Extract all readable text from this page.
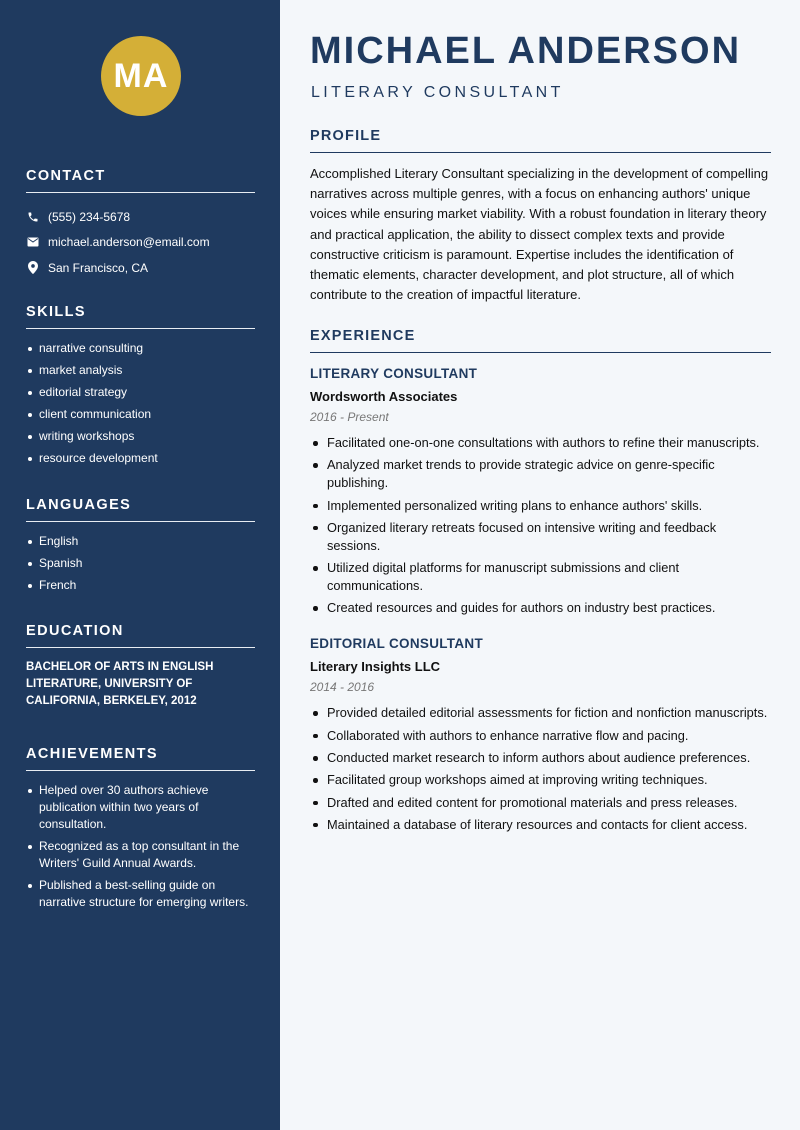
MA
CONTACT
(555) 234-5678
michael.anderson@email.com
San Francisco, CA
SKILLS
narrative consulting
market analysis
editorial strategy
client communication
writing workshops
resource development
LANGUAGES
English
Spanish
French
EDUCATION

BACHELOR OF ARTS IN ENGLISH LITERATURE, UNIVERSITY OF CALIFORNIA, BERKELEY, 2012

ACHIEVEMENTS
Helped over 30 authors achieve publication within two years of consultation.
Recognized as a top consultant in the Writers' Guild Annual Awards.
Published a best-selling guide on narrative structure for emerging writers.
MICHAEL ANDERSON
LITERARY CONSULTANT
PROFILE

Accomplished Literary Consultant specializing in the development of compelling narratives across multiple genres, with a focus on enhancing authors' unique voices while ensuring market viability. With a robust foundation in literary theory and practical application, the ability to dissect complex texts and provide constructive criticism is paramount. Expertise includes the identification of thematic elements, character development, and plot structure, all of which contribute to the creation of impactful literature.

EXPERIENCE
LITERARY CONSULTANT
Wordsworth Associates
2016 - Present
Facilitated one-on-one consultations with authors to refine their manuscripts.
Analyzed market trends to provide strategic advice on genre-specific publishing.
Implemented personalized writing plans to enhance authors' skills.
Organized literary retreats focused on intensive writing and feedback sessions.
Utilized digital platforms for manuscript submissions and client communications.
Created resources and guides for authors on industry best practices.
EDITORIAL CONSULTANT
Literary Insights LLC
2014 - 2016
Provided detailed editorial assessments for fiction and nonfiction manuscripts.
Collaborated with authors to enhance narrative flow and pacing.
Conducted market research to inform authors about audience preferences.
Facilitated group workshops aimed at improving writing techniques.
Drafted and edited content for promotional materials and press releases.
Maintained a database of literary resources and contacts for client access.
